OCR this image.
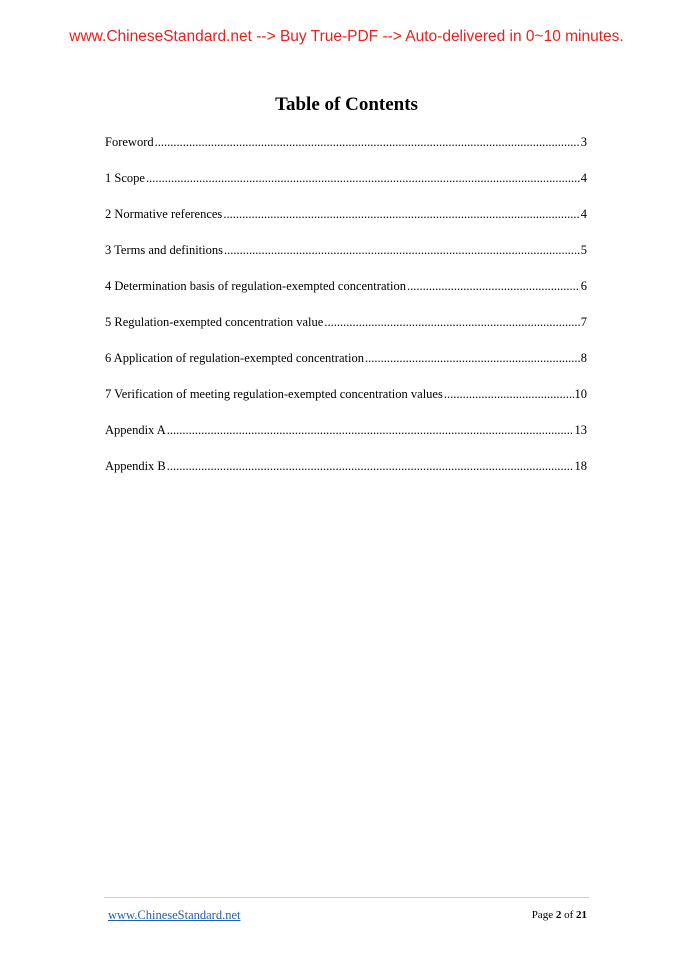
www.ChineseStandard.net --> Buy True-PDF --> Auto-delivered in 0~10 minutes.
Table of Contents
Foreword .....	3
1 Scope .....	4
2 Normative references .....	4
3 Terms and definitions .....	5
4 Determination basis of regulation-exempted concentration .....	6
5 Regulation-exempted concentration value .....	7
6 Application of regulation-exempted concentration .....	8
7 Verification of meeting regulation-exempted concentration values .....	10
Appendix A .....	13
Appendix B .....	18
www.ChineseStandard.net	Page 2 of 21
